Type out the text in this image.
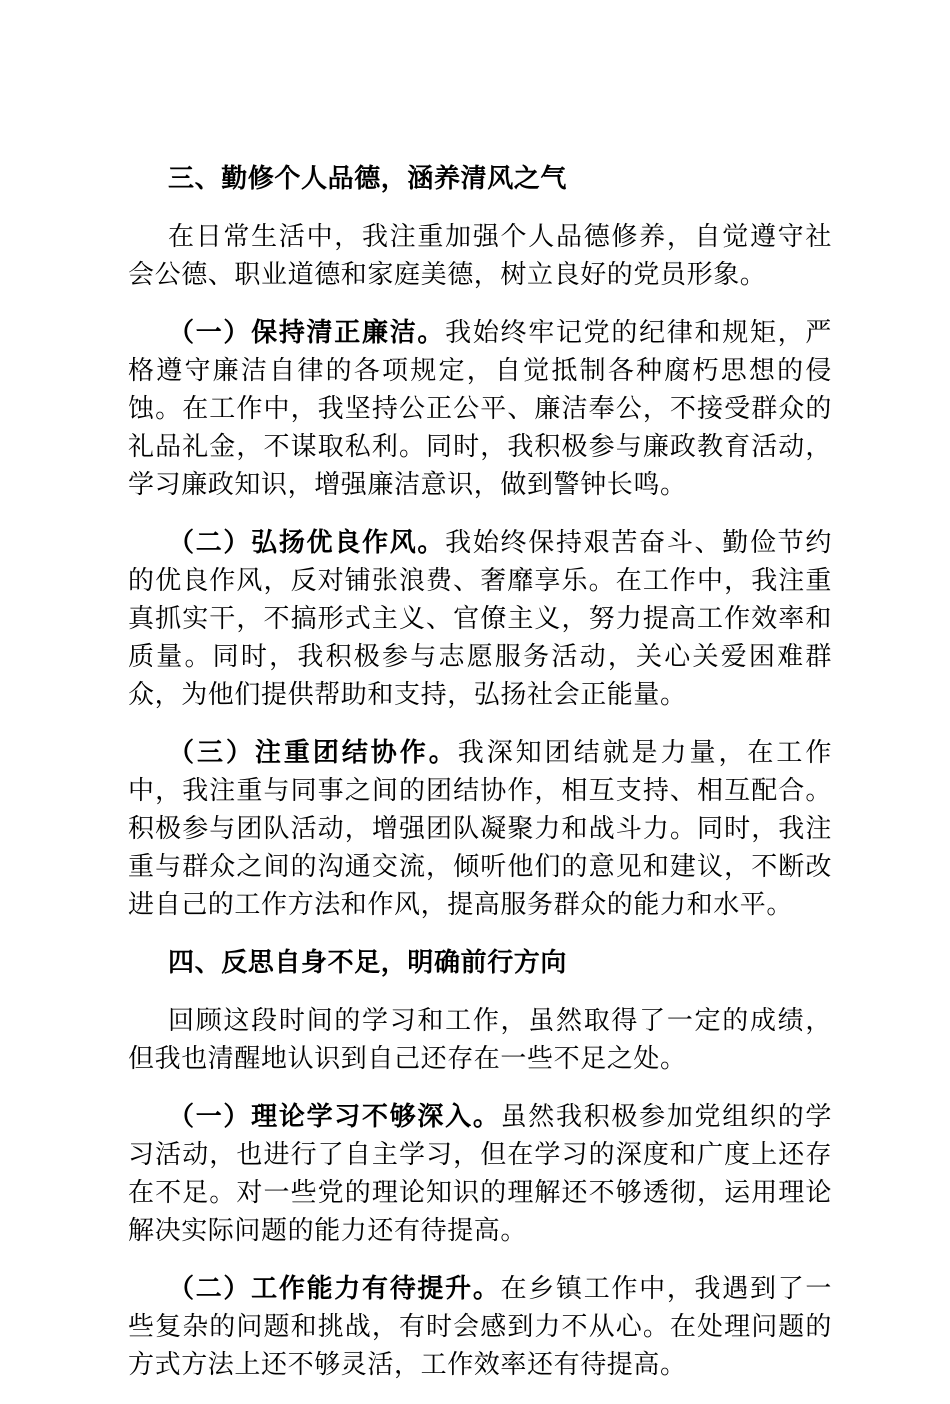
三、勤修个人品德，涵养清风之气

在日常生活中，我注重加强个人品德修养，自觉遵守社会公德、职业道德和家庭美德，树立良好的党员形象。

（一）保持清正廉洁。我始终牢记党的纪律和规矩，严格遵守廉洁自律的各项规定，自觉抵制各种腐朽思想的侵蚀。在工作中，我坚持公正公平、廉洁奉公，不接受群众的礼品礼金，不谋取私利。同时，我积极参与廉政教育活动，学习廉政知识，增强廉洁意识，做到警钟长鸣。

（二）弘扬优良作风。我始终保持艰苦奋斗、勤俭节约的优良作风，反对铺张浪费、奢靡享乐。在工作中，我注重真抓实干，不搞形式主义、官僚主义，努力提高工作效率和质量。同时，我积极参与志愿服务活动，关心关爱困难群众，为他们提供帮助和支持，弘扬社会正能量。

（三）注重团结协作。我深知团结就是力量，在工作中，我注重与同事之间的团结协作，相互支持、相互配合。积极参与团队活动，增强团队凝聚力和战斗力。同时，我注重与群众之间的沟通交流，倾听他们的意见和建议，不断改进自己的工作方法和作风，提高服务群众的能力和水平。

四、反思自身不足，明确前行方向

回顾这段时间的学习和工作，虽然取得了一定的成绩，但我也清醒地认识到自己还存在一些不足之处。

（一）理论学习不够深入。虽然我积极参加党组织的学习活动，也进行了自主学习，但在学习的深度和广度上还存在不足。对一些党的理论知识的理解还不够透彻，运用理论解决实际问题的能力还有待提高。

（二）工作能力有待提升。在乡镇工作中，我遇到了一些复杂的问题和挑战，有时会感到力不从心。在处理问题的方式方法上还不够灵活，工作效率还有待提高。
